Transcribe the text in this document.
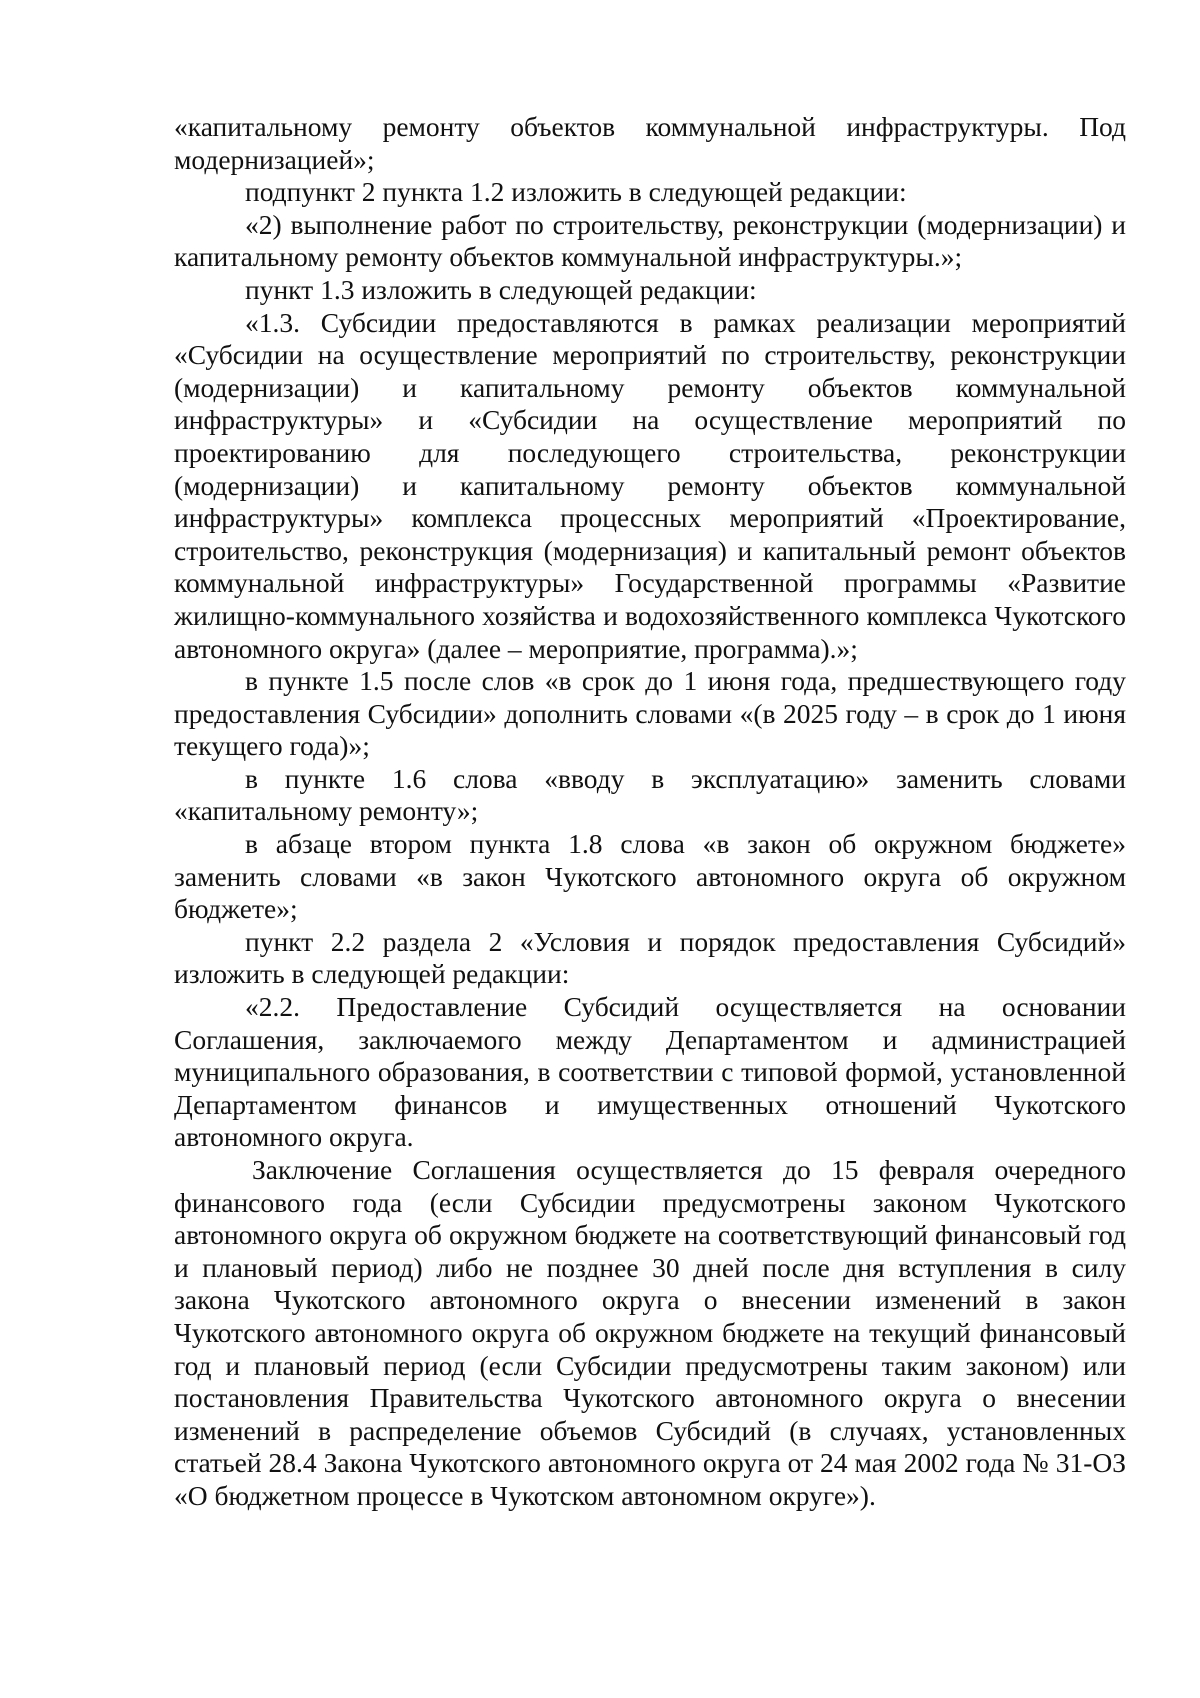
«капитальному ремонту объектов коммунальной инфраструктуры. Под модернизацией»;

подпункт 2 пункта 1.2 изложить в следующей редакции:

«2) выполнение работ по строительству, реконструкции (модернизации) и капитальному ремонту объектов коммунальной инфраструктуры.»;

пункт 1.3 изложить в следующей редакции:

«1.3. Субсидии предоставляются в рамках реализации мероприятий «Субсидии на осуществление мероприятий по строительству, реконструкции (модернизации) и капитальному ремонту объектов коммунальной инфраструктуры» и «Субсидии на осуществление мероприятий по проектированию для последующего строительства, реконструкции (модернизации) и капитальному ремонту объектов коммунальной инфраструктуры» комплекса процессных мероприятий «Проектирование, строительство, реконструкция (модернизация) и капитальный ремонт объектов коммунальной инфраструктуры» Государственной программы «Развитие жилищно-коммунального хозяйства и водохозяйственного комплекса Чукотского автономного округа» (далее – мероприятие, программа).»;

в пункте 1.5 после слов «в срок до 1 июня года, предшествующего году предоставления Субсидии» дополнить словами «(в 2025 году – в срок до 1 июня текущего года)»;

в пункте 1.6 слова «вводу в эксплуатацию» заменить словами «капитальному ремонту»;

в абзаце втором пункта 1.8 слова «в закон об окружном бюджете» заменить словами «в закон Чукотского автономного округа об окружном бюджете»;

пункт 2.2 раздела 2 «Условия и порядок предоставления Субсидий» изложить в следующей редакции:

«2.2. Предоставление Субсидий осуществляется на основании Соглашения, заключаемого между Департаментом и администрацией муниципального образования, в соответствии с типовой формой, установленной Департаментом финансов и имущественных отношений Чукотского автономного округа.

Заключение Соглашения осуществляется до 15 февраля очередного финансового года (если Субсидии предусмотрены законом Чукотского автономного округа об окружном бюджете на соответствующий финансовый год и плановый период) либо не позднее 30 дней после дня вступления в силу закона Чукотского автономного округа о внесении изменений в закон Чукотского автономного округа об окружном бюджете на текущий финансовый год и плановый период (если Субсидии предусмотрены таким законом) или постановления Правительства Чукотского автономного округа о внесении изменений в распределение объемов Субсидий (в случаях, установленных статьей 28.4 Закона Чукотского автономного округа от 24 мая 2002 года № 31-ОЗ «О бюджетном процессе в Чукотском автономном округе»).
